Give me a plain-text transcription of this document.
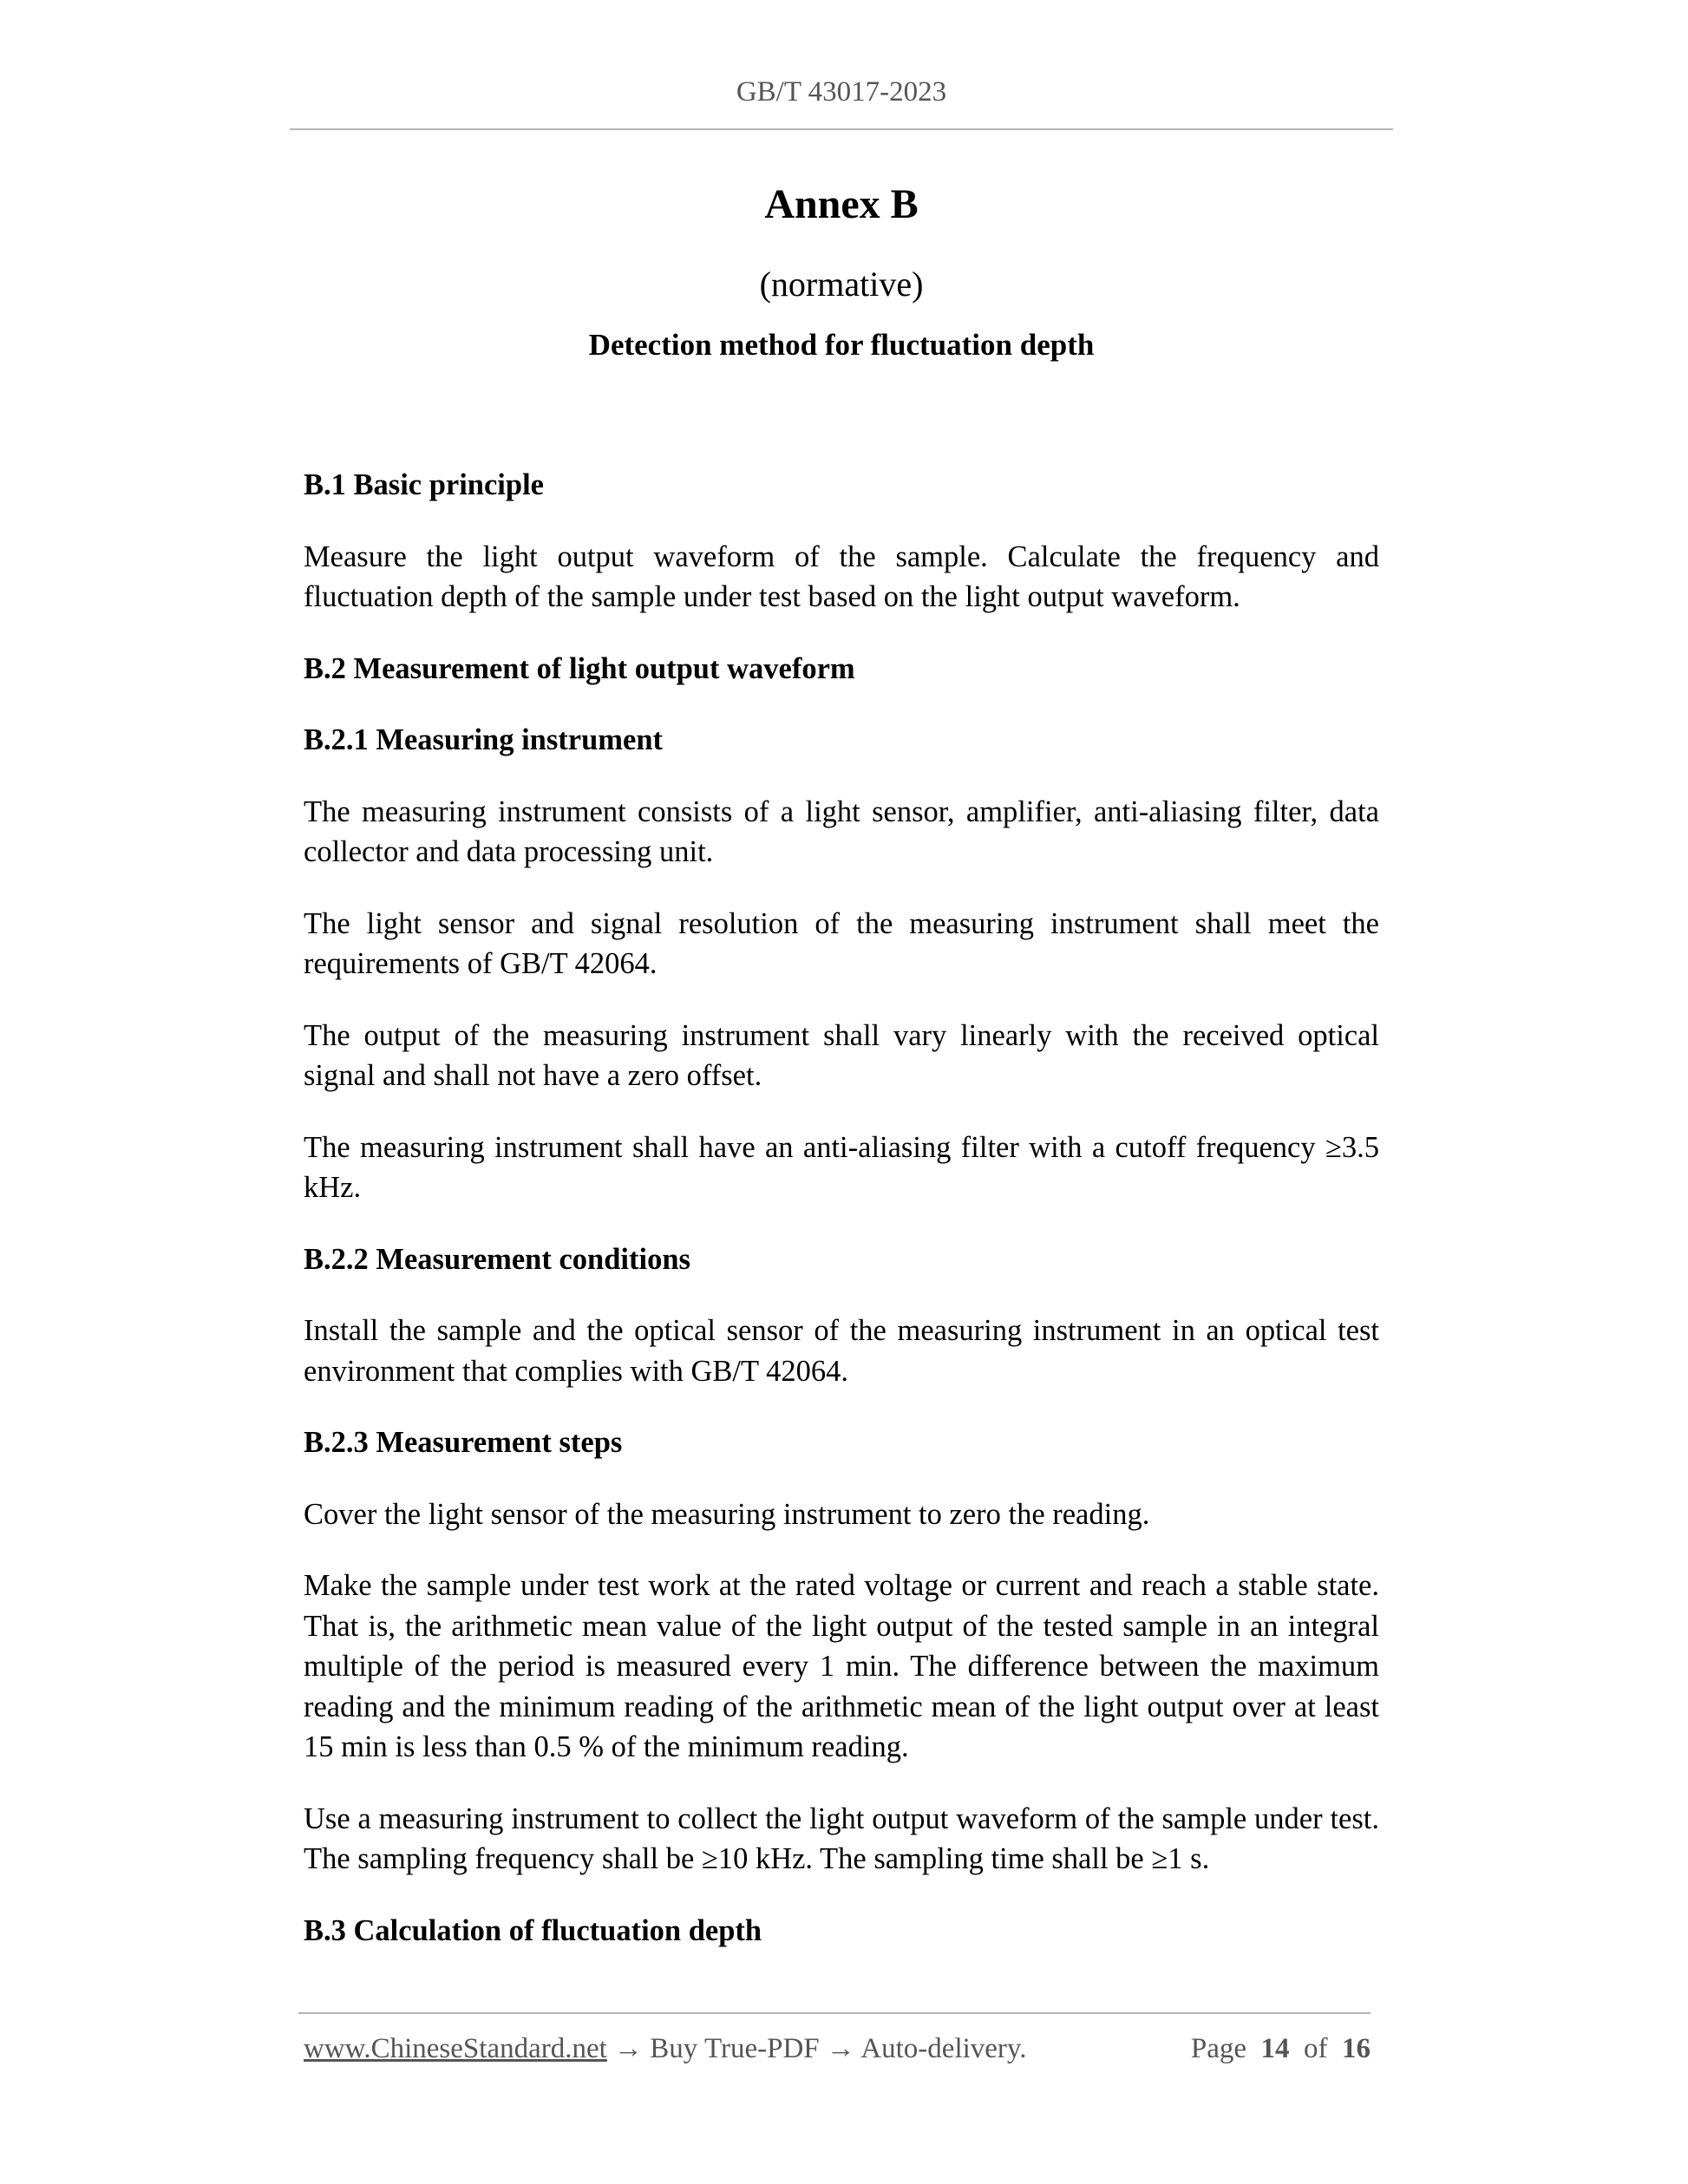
GB/T 43017-2023
Annex B
(normative)
Detection method for fluctuation depth
B.1 Basic principle
Measure the light output waveform of the sample. Calculate the frequency and fluctuation depth of the sample under test based on the light output waveform.
B.2 Measurement of light output waveform
B.2.1 Measuring instrument
The measuring instrument consists of a light sensor, amplifier, anti-aliasing filter, data collector and data processing unit.
The light sensor and signal resolution of the measuring instrument shall meet the requirements of GB/T 42064.
The output of the measuring instrument shall vary linearly with the received optical signal and shall not have a zero offset.
The measuring instrument shall have an anti-aliasing filter with a cutoff frequency ≥3.5 kHz.
B.2.2 Measurement conditions
Install the sample and the optical sensor of the measuring instrument in an optical test environment that complies with GB/T 42064.
B.2.3 Measurement steps
Cover the light sensor of the measuring instrument to zero the reading.
Make the sample under test work at the rated voltage or current and reach a stable state. That is, the arithmetic mean value of the light output of the tested sample in an integral multiple of the period is measured every 1 min. The difference between the maximum reading and the minimum reading of the arithmetic mean of the light output over at least 15 min is less than 0.5 % of the minimum reading.
Use a measuring instrument to collect the light output waveform of the sample under test. The sampling frequency shall be ≥10 kHz. The sampling time shall be ≥1 s.
B.3 Calculation of fluctuation depth
www.ChineseStandard.net → Buy True-PDF → Auto-delivery.	Page 14 of 16
